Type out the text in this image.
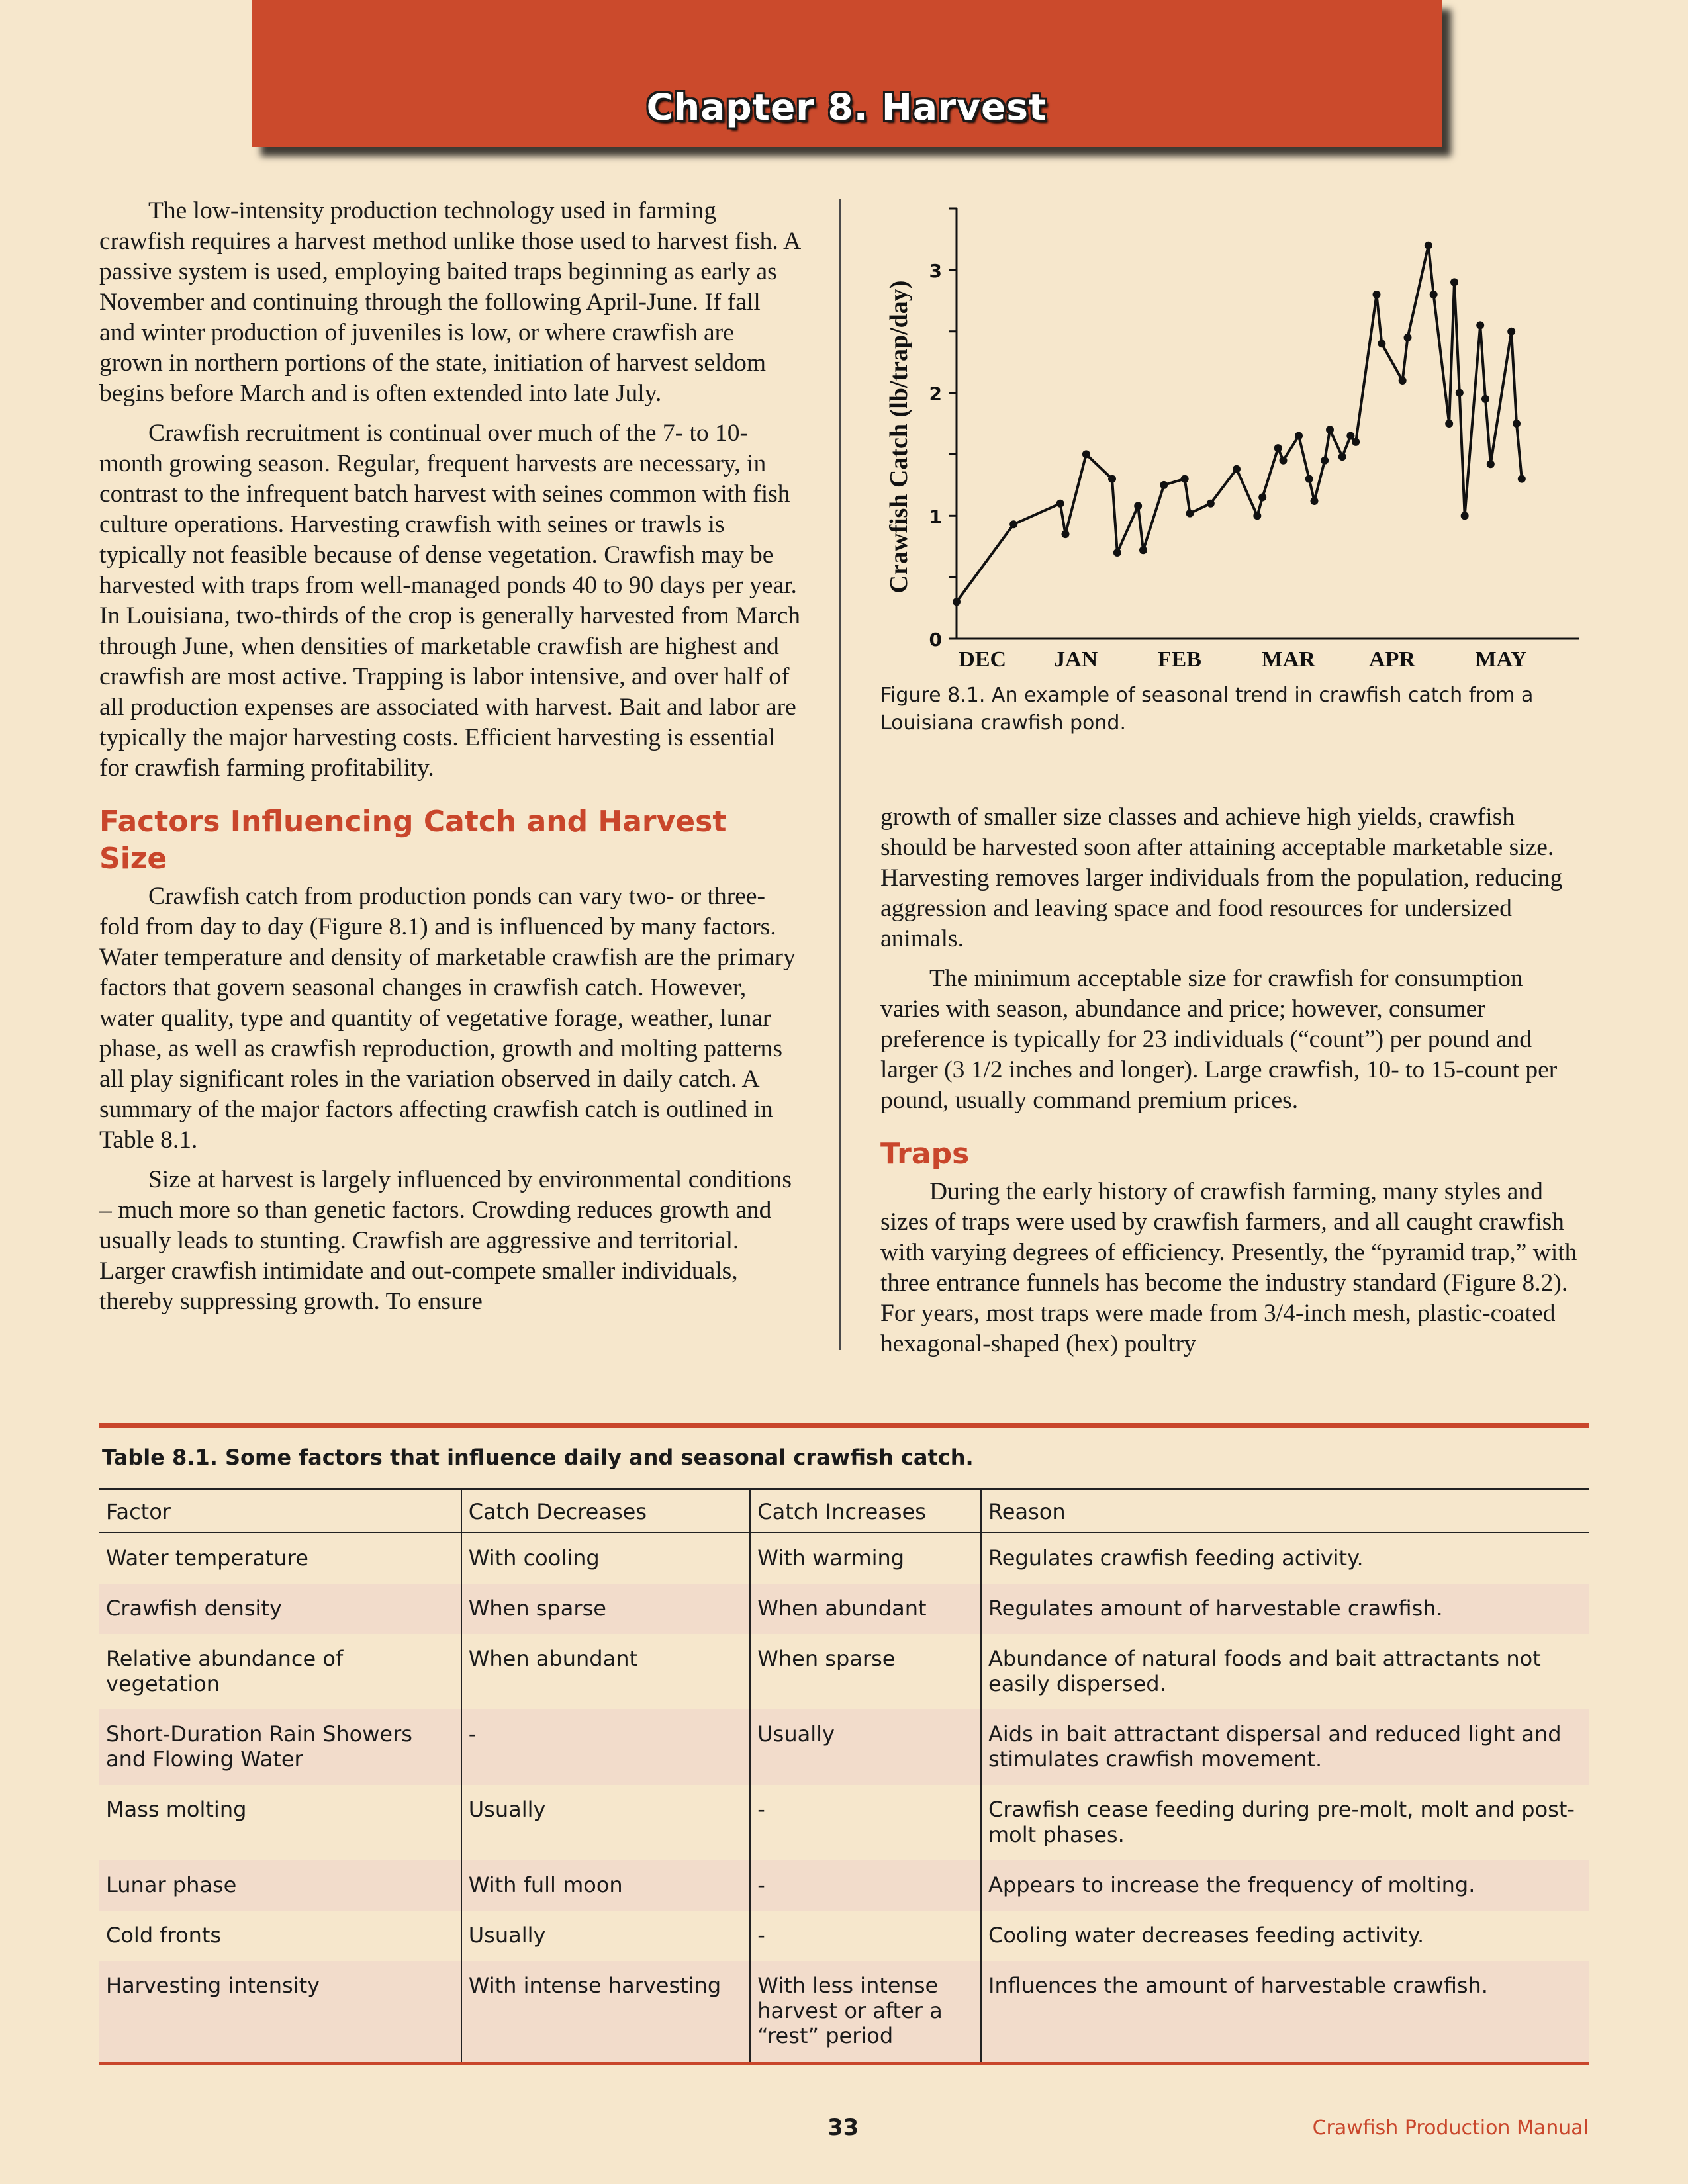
Chapter 8. Harvest

The low-intensity production technology used in farming crawfish requires a harvest method unlike those used to harvest fish. A passive system is used, employing baited traps beginning as early as November and continuing through the following April-June. If fall and winter production of juveniles is low, or where crawfish are grown in northern portions of the state, initiation of harvest seldom begins before March and is often extended into late July.

Crawfish recruitment is continual over much of the 7- to 10-month growing season. Regular, frequent harvests are necessary, in contrast to the infrequent batch harvest with seines common with fish culture operations. Harvesting crawfish with seines or trawls is typically not feasible because of dense vegetation. Crawfish may be harvested with traps from well-managed ponds 40 to 90 days per year. In Louisiana, two-thirds of the crop is generally harvested from March through June, when densities of marketable crawfish are highest and crawfish are most active. Trapping is labor intensive, and over half of all production expenses are associated with harvest. Bait and labor are typically the major harvesting costs. Efficient harvesting is essential for crawfish farming profitability.

Factors Influencing Catch and Harvest Size

Crawfish catch from production ponds can vary two- or three-fold from day to day (Figure 8.1) and is influenced by many factors. Water temperature and density of marketable crawfish are the primary factors that govern seasonal changes in crawfish catch. However, water quality, type and quantity of vegetative forage, weather, lunar phase, as well as crawfish reproduction, growth and molting patterns all play significant roles in the variation observed in daily catch. A summary of the major factors affecting crawfish catch is outlined in Table 8.1.

Size at harvest is largely influenced by environmental conditions – much more so than genetic factors. Crowding reduces growth and usually leads to stunting. Crawfish are aggressive and territorial. Larger crawfish intimidate and out-compete smaller individuals, thereby suppressing growth. To ensure

0
1
2
3
DEC JAN	FEB	MAR APR	MAY
Crawfish Catch (lb/trap/day)
Figure 8.1. An example of seasonal trend in crawfish catch from a Louisiana crawfish pond.

growth of smaller size classes and achieve high yields, crawfish should be harvested soon after attaining acceptable marketable size. Harvesting removes larger individuals from the population, reducing aggression and leaving space and food resources for undersized animals.

The minimum acceptable size for crawfish for consumption varies with season, abundance and price; however, consumer preference is typically for 23 individuals (“count”) per pound and larger (3 1/2 inches and longer). Large crawfish, 10- to 15-count per pound, usually command premium prices.

Traps

During the early history of crawfish farming, many styles and sizes of traps were used by crawfish farmers, and all caught crawfish with varying degrees of efficiency. Presently, the “pyramid trap,” with three entrance funnels has become the industry standard (Figure 8.2). For years, most traps were made from 3/4-inch mesh, plastic-coated hexagonal-shaped (hex) poultry

Table 8.1. Some factors that influence daily and seasonal crawfish catch.
Factor	Catch Decreases	Catch Increases	Reason
Water temperature	With cooling	With warming	Regulates crawfish feeding activity.
Crawfish density	When sparse	When abundant	Regulates amount of harvestable crawfish.
Relative abundance of vegetation	When abundant	When sparse	Abundance of natural foods and bait attractants not easily dispersed.
Short-Duration Rain Showers and Flowing Water	-	Usually	Aids in bait attractant dispersal and reduced light and stimulates crawfish movement.
Mass molting	Usually	-	Crawfish cease feeding during pre-molt, molt and post-molt phases.
Lunar phase	With full moon	-	Appears to increase the frequency of molting.
Cold fronts	Usually	-	Cooling water decreases feeding activity.
Harvesting intensity	With intense harvesting	With less intense harvest or after a “rest” period	Influences the amount of harvestable crawfish.
33	Crawfish Production Manual
